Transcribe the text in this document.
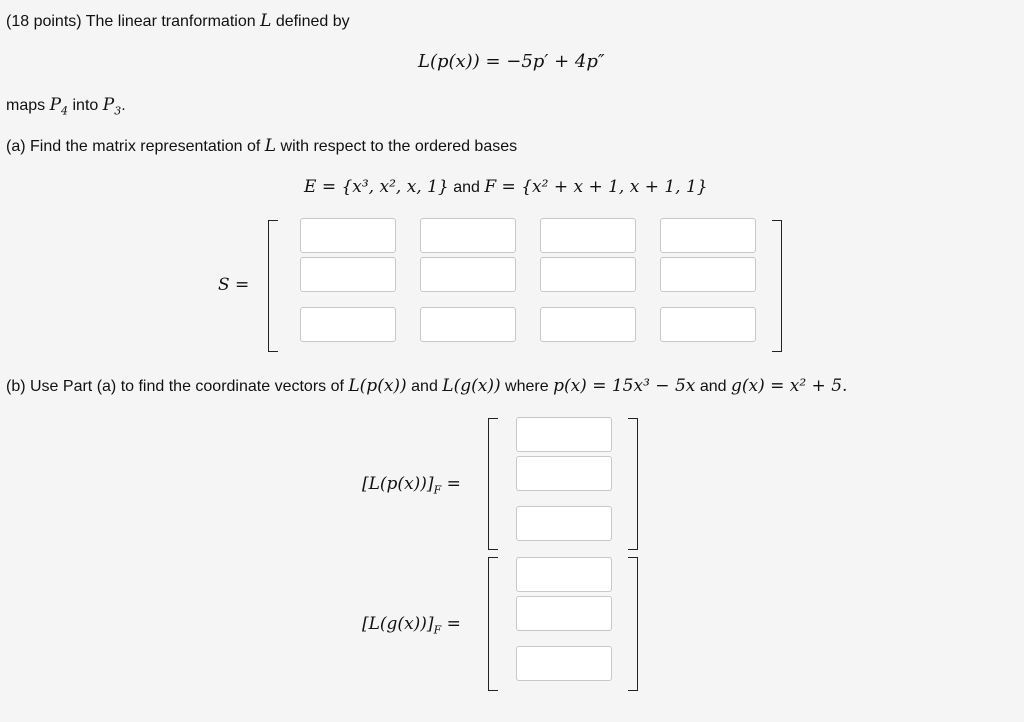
(18 points) The linear tranformation L defined by
L(p(x)) = −5p′ + 4p″
maps $P_4$ into $P_3$.
(a) Find the matrix representation of L with respect to the ordered bases
E = {x³, x², x, 1} and F = {x² + x + 1, x + 1, 1}
S =
(b) Use Part (a) to find the coordinate vectors of L(p(x)) and L(g(x)) where p(x) = 15x³ − 5x and g(x) = x² + 5.
$[L(p(x))]_F$ =
$[L(g(x))]_F$ =
